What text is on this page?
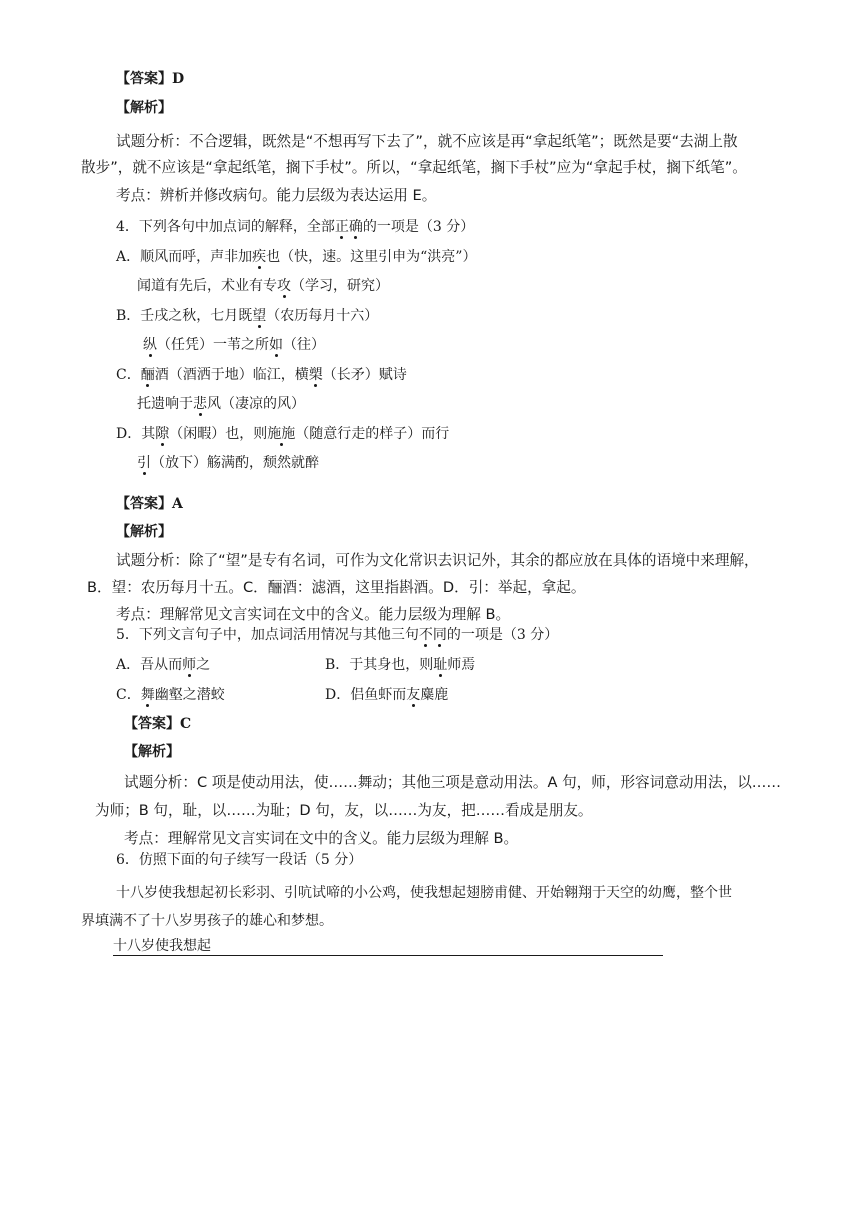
【答案】D
【解析】
试题分析：不合逻辑，既然是“不想再写下去了”，就不应该是再“拿起纸笔”；既然是要“去湖上散
散步”，就不应该是“拿起纸笔，搁下手杖”。所以，“拿起纸笔，搁下手杖”应为“拿起手杖，搁下纸笔”。
考点：辨析并修改病句。能力层级为表达运用 E。
4．下列各句中加点词的解释，全部正确的一项是（3 分）
A．顺风而呼，声非加疾也（快，速。这里引申为“洪亮”）
闻道有先后，术业有专攻（学习，研究）
B．壬戌之秋，七月既望（农历每月十六）
纵（任凭）一苇之所如（往）
C．酾酒（酒洒于地）临江，横槊（长矛）赋诗
托遗响于悲风（凄凉的风）
D．其隙（闲暇）也，则施施（随意行走的样子）而行
引（放下）觞满酌，颓然就醉
【答案】A
【解析】
试题分析：除了“望”是专有名词，可作为文化常识去识记外，其余的都应放在具体的语境中来理解，
B．望：农历每月十五。C．酾酒：滤酒，这里指斟酒。D．引：举起，拿起。
考点：理解常见文言实词在文中的含义。能力层级为理解 B。
5．下列文言句子中，加点词活用情况与其他三句不同的一项是（3 分）
A．吾从而师之	B．于其身也，则耻师焉
C．舞幽壑之潜蛟	D．侣鱼虾而友麋鹿
【答案】C
【解析】
试题分析：C 项是使动用法，使……舞动；其他三项是意动用法。A 句，师，形容词意动用法，以……
为师；B 句，耻，以……为耻；D 句，友，以……为友，把……看成是朋友。
考点：理解常见文言实词在文中的含义。能力层级为理解 B。
6．仿照下面的句子续写一段话（5 分）
十八岁使我想起初长彩羽、引吭试啼的小公鸡，使我想起翅膀甫健、开始翱翔于天空的幼鹰，整个世
界填满不了十八岁男孩子的雄心和梦想。
十八岁使我想起
